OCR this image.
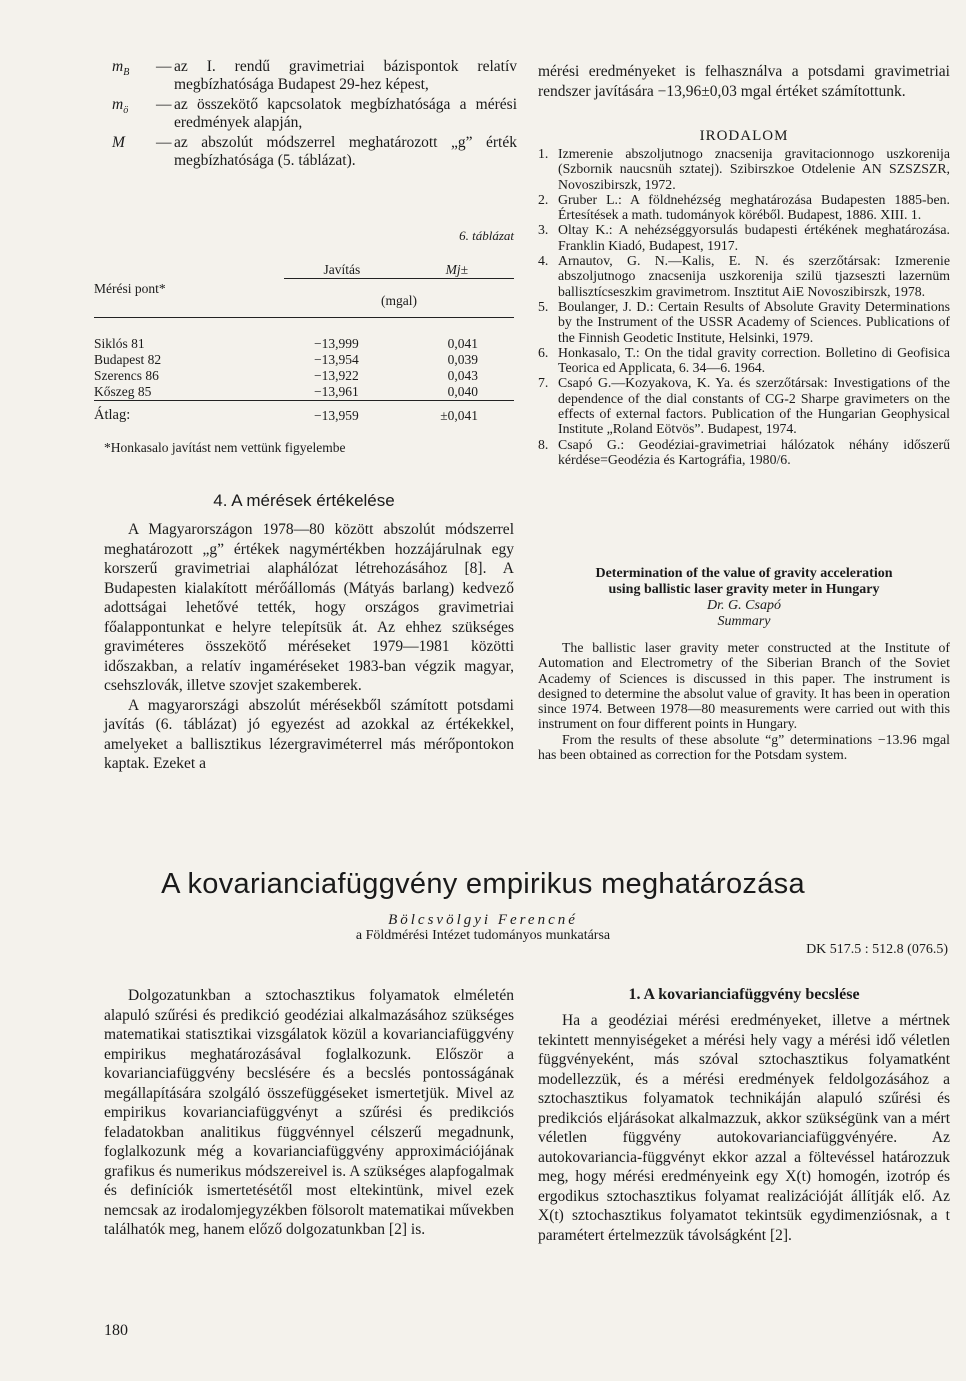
$m_B$	— az I. rendű gravimetriai bázispontok relatív megbízhatósága Budapest 29-hez képest,
$m_ö$	— az összekötő kapcsolatok megbízhatósága a mérési eredmények alapján,
M	— az abszolút módszerrel meghatározott „g” érték megbízhatósága (5. táblázat).
6. táblázat
Mérési pont*	Javítás	Mj±
	(mgal)	

Siklós 81	−13,999	0,041
Budapest 82	−13,954	0,039
Szerencs 86	−13,922	0,043
Kőszeg 85	−13,961	0,040

Átlag:	−13,959	±0,041
*Honkasalo javítást nem vettünk figyelembe
4. A mérések értékelése

A Magyarországon 1978—80 között abszolút módszerrel meghatározott „g” értékek nagymértékben hozzájárulnak egy korszerű gravimetriai alaphálózat létrehozásához [8]. A Budapesten kialakított mérőállomás (Mátyás barlang) kedvező adottságai lehetővé tették, hogy országos gravimetriai főalappontunkat e helyre telepítsük át. Az ehhez szükséges graviméteres összekötő méréseket 1979—1981 közötti időszakban, a relatív ingaméréseket 1983-ban végzik magyar, csehszlovák, illetve szovjet szakemberek.

A magyarországi abszolút mérésekből számított potsdami javítás (6. táblázat) jó egyezést ad azokkal az értékekkel, amelyeket a ballisztikus lézergraviméterrel más mérőpontokon kaptak. Ezeket a

mérési eredményeket is felhasználva a potsdami gravimetriai rendszer javítására −13,96±0,03 mgal értéket számítottunk.
IRODALOM
1. Izmerenie abszoljutnogo znacsenija gravitacionnogo uszkorenija (Szbornik naucsnüh sztatej). Szibirszkoe Otdelenie AN SZSZSZR, Novoszibirszk, 1972.
2. Gruber L.: A földnehézség meghatározása Budapesten 1885-ben. Értesítések a math. tudományok köréből. Budapest, 1886. XIII. 1.
3. Oltay K.: A nehézséggyorsulás budapesti értékének meghatározása. Franklin Kiadó, Budapest, 1917.
4. Arnautov, G. N.—Kalis, E. N. és szerzőtársak: Izmerenie abszoljutnogo znacsenija uszkorenija szilü tjazseszti lazernüm ballisztícseszkim gravimetrom. Insztitut AiE Novoszibirszk, 1978.
5. Boulanger, J. D.: Certain Results of Absolute Gravity Determinations by the Instrument of the USSR Academy of Sciences. Publications of the Finnish Geodetic Institute, Helsinki, 1979.
6. Honkasalo, T.: On the tidal gravity correction. Bolletino di Geofisica Teorica ed Applicata, 6. 34—6. 1964.
7. Csapó G.—Kozyakova, K. Ya. és szerzőtársak: Investigations of the dependence of the dial constants of CG-2 Sharpe gravimeters on the effects of external factors. Publication of the Hungarian Geophysical Institute „Roland Eötvös”. Budapest, 1974.
8. Csapó G.: Geodéziai-gravimetriai hálózatok néhány időszerű kérdése=Geodézia és Kartográfia, 1980/6.
Determination of the value of gravity acceleration
using ballistic laser gravity meter in Hungary
Dr. G. Csapó
Summary

The ballistic laser gravity meter constructed at the Institute of Automation and Electrometry of the Siberian Branch of the Soviet Academy of Sciences is discussed in this paper. The instrument is designed to determine the absolut value of gravity. It has been in operation since 1974. Between 1978—80 measurements were carried out with this instrument on four different points in Hungary.

From the results of these absolute “g” determinations −13.96 mgal has been obtained as correction for the Potsdam system.

A kovarianciafüggvény empirikus meghatározása
Bölcsvölgyi Ferencné
a Földmérési Intézet tudományos munkatársa
DK 517.5 : 512.8 (076.5)

Dolgozatunkban a sztochasztikus folyamatok elméletén alapuló szűrési és predikció geodéziai alkalmazásához szükséges matematikai statisztikai vizsgálatok közül a kovarianciafüggvény empirikus meghatározásával foglalkozunk. Először a kovarianciafüggvény becslésére és a becslés pontosságának megállapítására szolgáló összefüggéseket ismertetjük. Mivel az empirikus kovarianciafüggvényt a szűrési és predikciós feladatokban analitikus függvénnyel célszerű megadnunk, foglalkozunk még a kovarianciafüggvény approximációjának grafikus és numerikus módszereivel is. A szükséges alapfogalmak és definíciók ismertetésétől most eltekintünk, mivel ezek nemcsak az irodalomjegyzékben fölsorolt matematikai művekben találhatók meg, hanem előző dolgozatunkban [2] is.

1. A kovarianciafüggvény becslése

Ha a geodéziai mérési eredményeket, illetve a mértnek tekintett mennyiségeket a mérési hely vagy a mérési idő véletlen függvényeként, más szóval sztochasztikus folyamatként modellezzük, és a mérési eredmények feldolgozásához a sztochasztikus folyamatok technikáján alapuló szűrési és predikciós eljárásokat alkalmazzuk, akkor szükségünk van a mért véletlen függvény autokovarianciafüggvényére. Az autokovariancia-függvényt ekkor azzal a föltevéssel határozzuk meg, hogy mérési eredményeink egy X(t) homogén, izotróp és ergodikus sztochasztikus folyamat realizációját állítják elő. Az X(t) sztochasztikus folyamatot tekintsük egydimenziósnak, a t paramétert értelmezzük távolságként [2].

180
